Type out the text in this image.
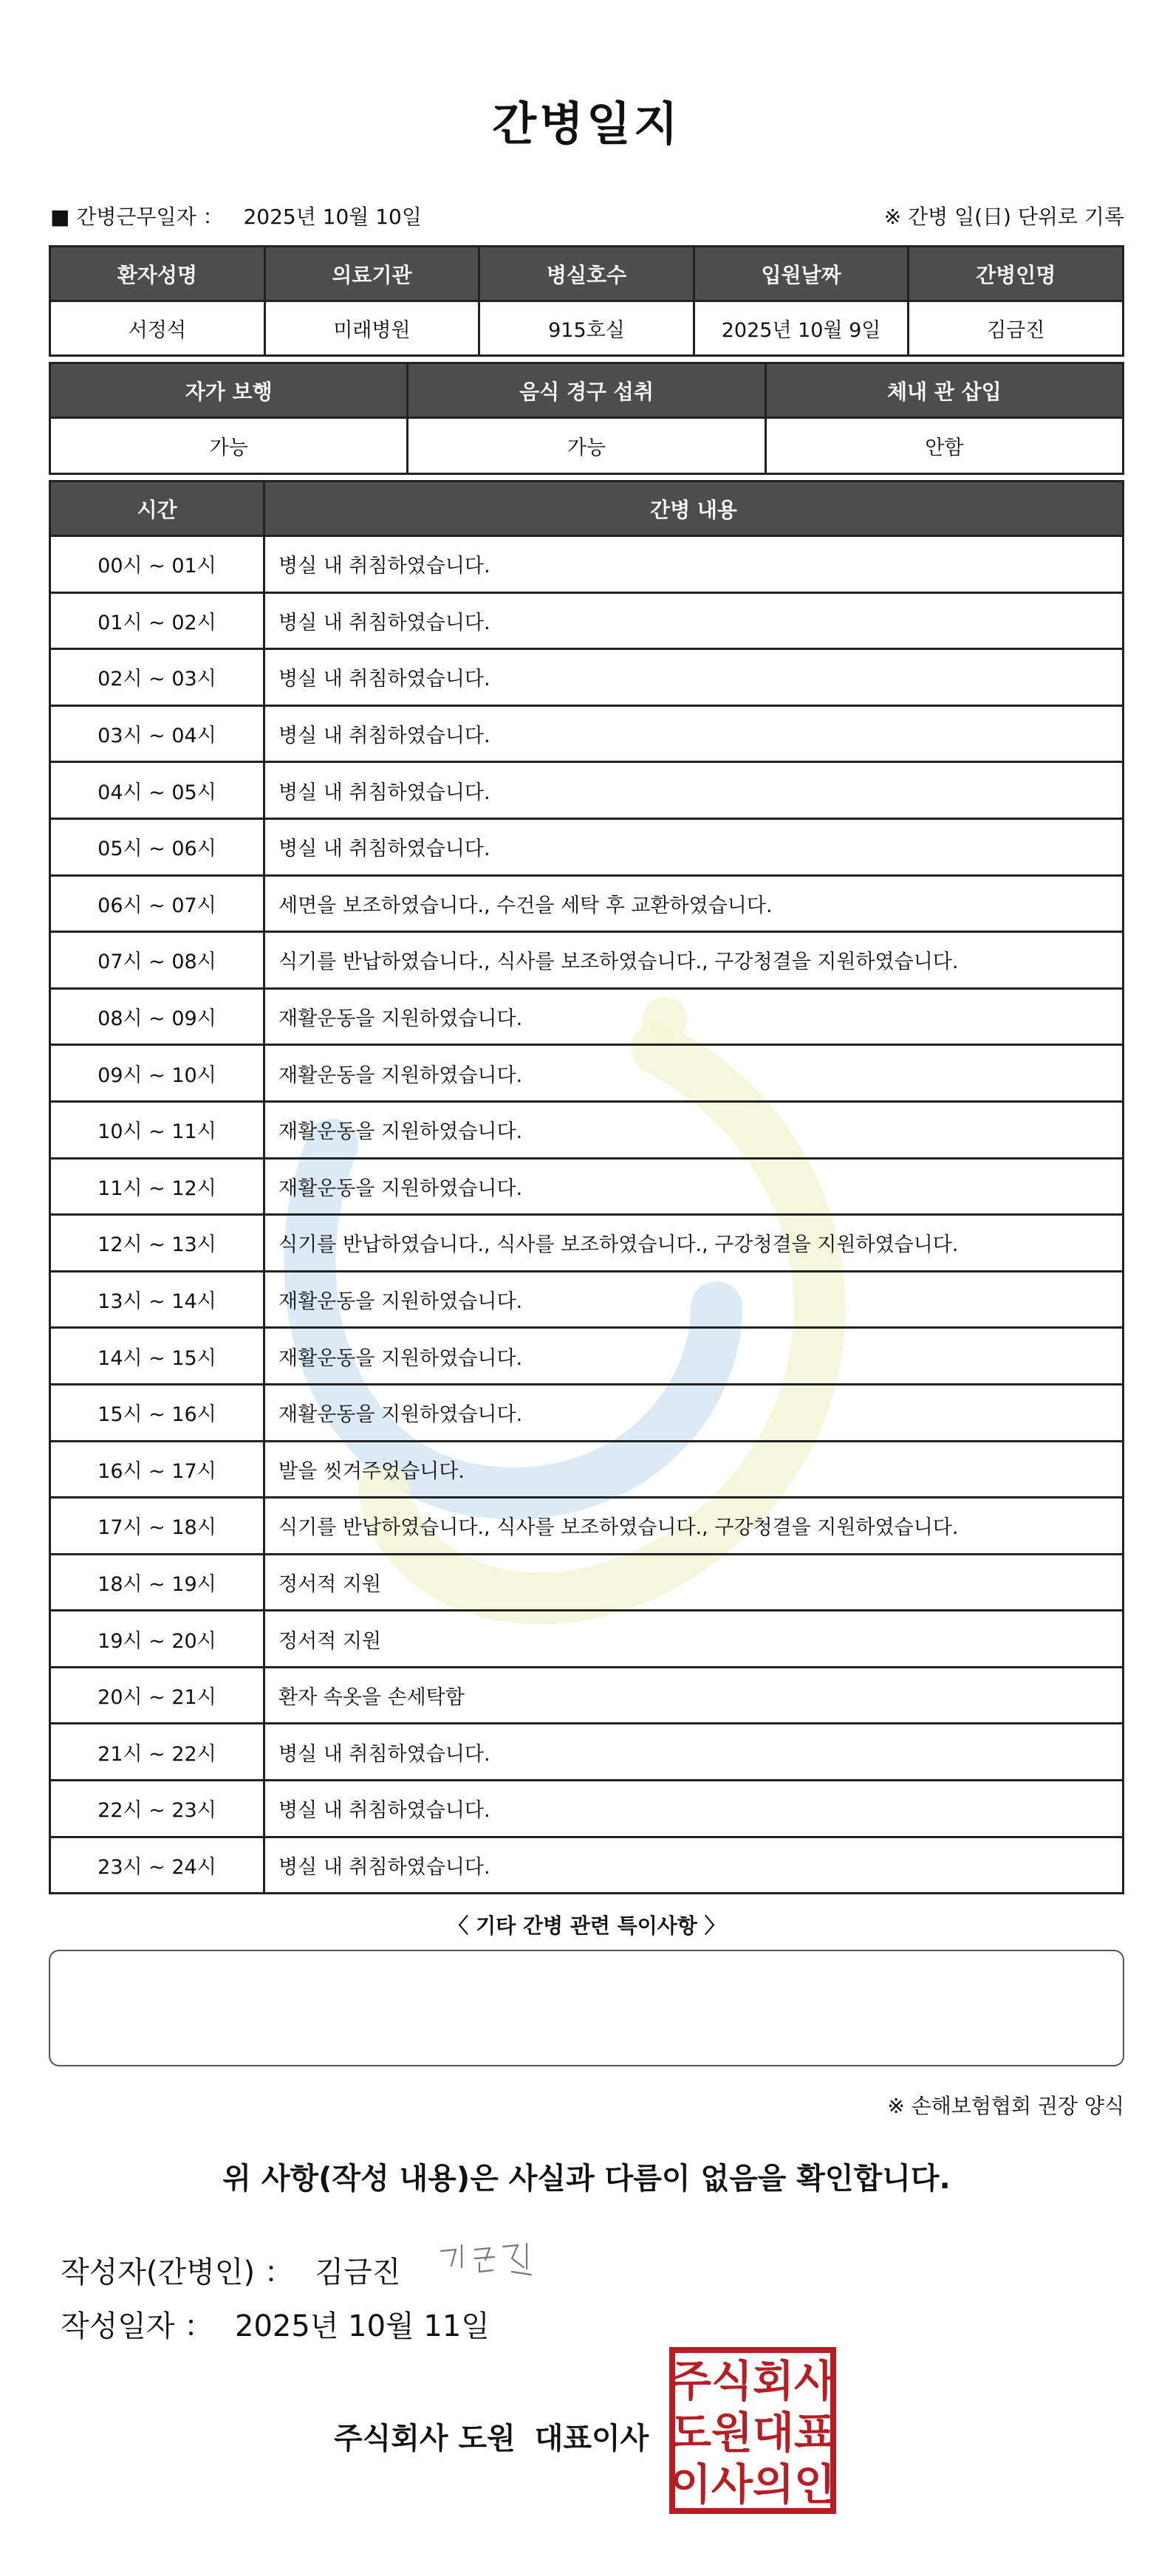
간병일지
■ 간병근무일자 ： 2025년 10월 10일	※ 간병 일(日) 단위로 기록
환자성명	의료기관	병실호수	입원날짜	간병인명
서정석	미래병원	915호실	2025년 10월 9일	김금진
자가 보행	음식 경구 섭취	체내 관 삽입
가능	가능	안함
시간	간병 내용
00시 ~ 01시	병실 내 취침하였습니다.
01시 ~ 02시	병실 내 취침하였습니다.
02시 ~ 03시	병실 내 취침하였습니다.
03시 ~ 04시	병실 내 취침하였습니다.
04시 ~ 05시	병실 내 취침하였습니다.
05시 ~ 06시	병실 내 취침하였습니다.
06시 ~ 07시	세면을 보조하였습니다., 수건을 세탁 후 교환하였습니다.
07시 ~ 08시	식기를 반납하였습니다., 식사를 보조하였습니다., 구강청결을 지원하였습니다.
08시 ~ 09시	재활운동을 지원하였습니다.
09시 ~ 10시	재활운동을 지원하였습니다.
10시 ~ 11시	재활운동을 지원하였습니다.
11시 ~ 12시	재활운동을 지원하였습니다.
12시 ~ 13시	식기를 반납하였습니다., 식사를 보조하였습니다., 구강청결을 지원하였습니다.
13시 ~ 14시	재활운동을 지원하였습니다.
14시 ~ 15시	재활운동을 지원하였습니다.
15시 ~ 16시	재활운동을 지원하였습니다.
16시 ~ 17시	발을 씻겨주었습니다.
17시 ~ 18시	식기를 반납하였습니다., 식사를 보조하였습니다., 구강청결을 지원하였습니다.
18시 ~ 19시	정서적 지원
19시 ~ 20시	정서적 지원
20시 ~ 21시	환자 속옷을 손세탁함
21시 ~ 22시	병실 내 취침하였습니다.
22시 ~ 23시	병실 내 취침하였습니다.
23시 ~ 24시	병실 내 취침하였습니다.
〈 기타 간병 관련 특이사항 〉
※ 손해보험협회 권장 양식
위 사항(작성 내용)은 사실과 다름이 없음을 확인합니다.
작성자(간병인) ： 김금진
작성일자 ： 2025년 10월 11일
주식회사 도원 대표이사
주식회사
도원대표
이사의인
